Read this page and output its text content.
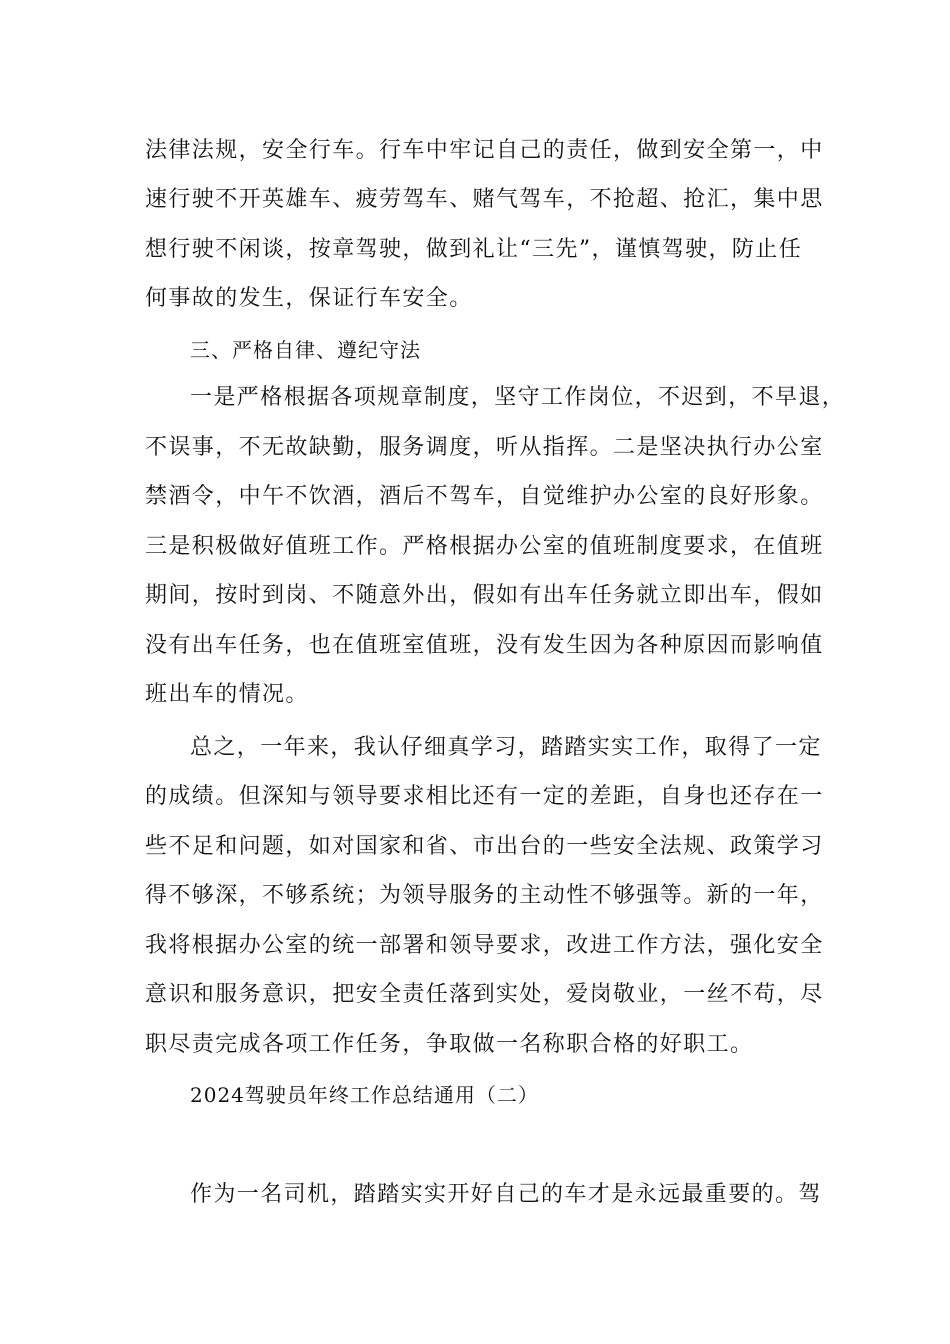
法律法规，安全行车。行车中牢记自己的责任，做到安全第一，中
速行驶不开英雄车、疲劳驾车、赌气驾车，不抢超、抢汇，集中思
想行驶不闲谈，按章驾驶，做到礼让“三先”，谨慎驾驶，防止任
何事故的发生，保证行车安全。
三、严格自律、遵纪守法
一是严格根据各项规章制度，坚守工作岗位，不迟到，不早退，
不误事，不无故缺勤，服务调度，听从指挥。二是坚决执行办公室
禁酒令，中午不饮酒，酒后不驾车，自觉维护办公室的良好形象。
三是积极做好值班工作。严格根据办公室的值班制度要求，在值班
期间，按时到岗、不随意外出，假如有出车任务就立即出车，假如
没有出车任务，也在值班室值班，没有发生因为各种原因而影响值
班出车的情况。
总之，一年来，我认仔细真学习，踏踏实实工作，取得了一定
的成绩。但深知与领导要求相比还有一定的差距，自身也还存在一
些不足和问题，如对国家和省、市出台的一些安全法规、政策学习
得不够深，不够系统；为领导服务的主动性不够强等。新的一年，
我将根据办公室的统一部署和领导要求，改进工作方法，强化安全
意识和服务意识，把安全责任落到实处，爱岗敬业，一丝不苟，尽
职尽责完成各项工作任务，争取做一名称职合格的好职工。
2024驾驶员年终工作总结通用（二）
作为一名司机，踏踏实实开好自己的车才是永远最重要的。驾
